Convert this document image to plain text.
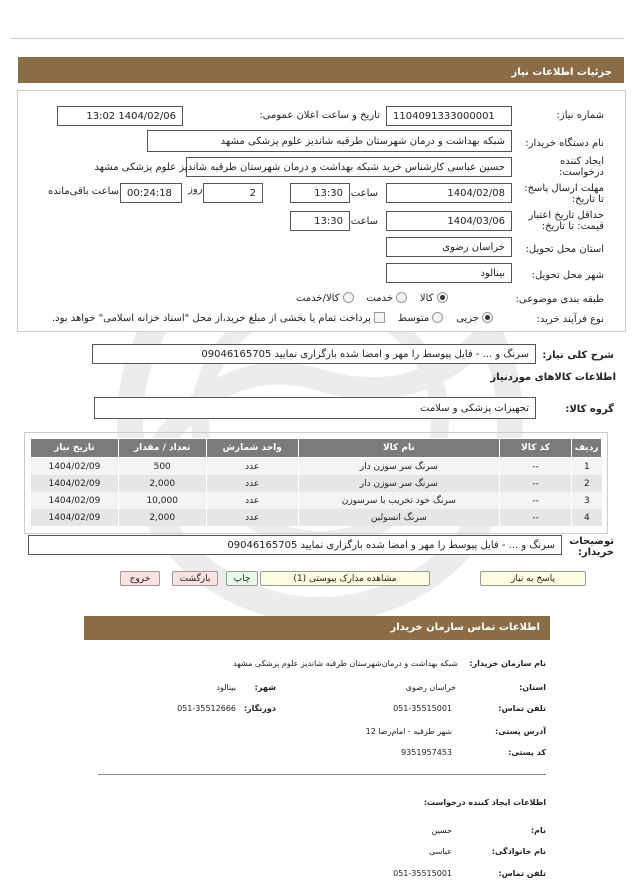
جزئیات اطلاعات نیاز
شماره نیاز:
1104091333000001
تاریخ و ساعت اعلان عمومی:
1404/02/06 13:02
نام دستگاه خریدار:
شبکه بهداشت و درمان شهرستان طرقبه شاندیز علوم پزشکی مشهد
ایجاد کننده درخواست:
حسین عباسی کارشناس خرید شبکه بهداشت و درمان شهرستان طرقبه شاندیز علوم پزشکی مشهد
مهلت ارسال پاسخ: تا تاریخ:
1404/02/08
ساعت
13:30
روز	2
00:24:18
ساعت باقی‌مانده
حداقل تاریخ اعتبار قیمت: تا تاریخ:
1404/03/06
ساعت
13:30
استان محل تحویل:
خراسان رضوی
شهر محل تحویل:
بینالود
طبقه بندی موضوعی:
کالا     خدمت     کالا/خدمت
نوع فرآیند خرید:
جزیی     متوسط     پرداخت تمام یا بخشی از مبلغ خرید،از محل "اسناد خزانه اسلامی" خواهد بود.
شرح کلی نیاز:
سرنگ و ... - فایل پیوسط را مهر و امضا شده بارگزاری نمایید 09046165705
اطلاعات کالاهای موردنیاز
گروه کالا:
تجهیزات پزشکی و سلامت
ردیف	کد کالا	نام کالا	واحد شمارش	تعداد / مقدار	تاریخ نیاز
1	--	سرنگ سر سوزن دار	عدد	500	1404/02/09
2	--	سرنگ سر سوزن دار	عدد	2,000	1404/02/09
3	--	سرنگ خود تخریب با سرسوزن	عدد	10,000	1404/02/09
4	--	سرنگ انسولین	عدد	2,000	1404/02/09
توضیحات خریدار:
سرنگ و ... - فایل پیوسط را مهر و امضا شده بارگزاری نمایید 09046165705
پاسخ به نیاز
مشاهده مدارک پیوستی (1)
چاپ
بازگشت
خروج
اطلاعات تماس سازمان خریدار
نام سازمان خریدار:
شبکه بهداشت و درمان‌شهرستان طرقبه شاندیز علوم پزشکی مشهد
استان:
خراسان رضوی
شهر:
بینالود
تلفن تماس:
051-35515001
دورنگار:
051-35512666
آدرس پستی:
شهر طرقبه - امام‌رضا 12
کد پستی:
9351957453
اطلاعات ایجاد کننده درخواست:
نام:
حسین
نام خانوادگی:
عباسی
تلفن تماس:
051-35515001
